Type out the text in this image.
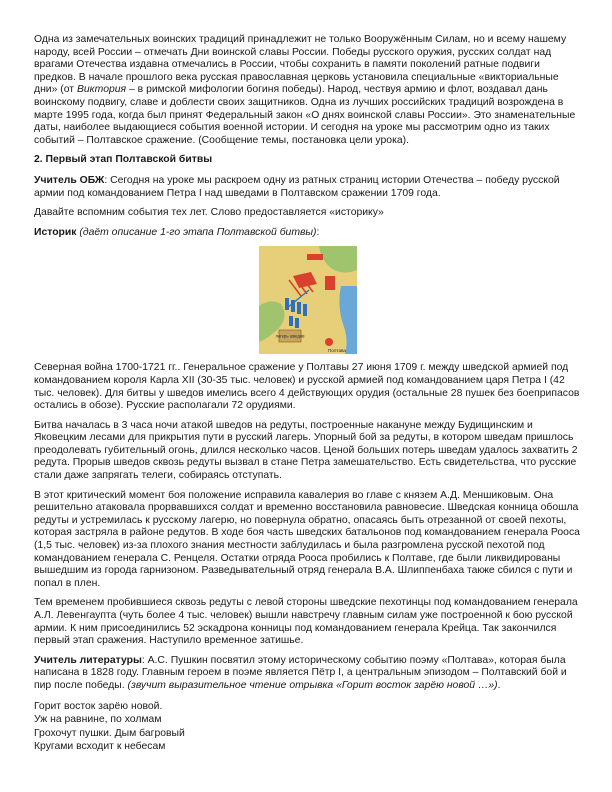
Одна из замечательных воинских традиций принадлежит не только Вооружённым Силам, но и всему нашему народу, всей России – отмечать Дни воинской славы России. Победы русского оружия, русских солдат над врагами Отечества издавна отмечались в России, чтобы сохранить в памяти поколений ратные подвиги предков. В начале прошлого века русская православная церковь установила специальные «викториальные дни» (от Виктория – в римской мифологии богиня победы). Народ, чествуя армию и флот, воздавал дань воинскому подвигу, славе и доблести своих защитников. Одна из лучших российских традиций возрождена в марте 1995 года, когда был принят Федеральный закон «О днях воинской славы России». Это знаменательные даты, наиболее выдающиеся события военной истории. И сегодня на уроке мы рассмотрим одно из таких событий – Полтавское сражение. (Сообщение темы, постановка цели урока).

2. Первый этап Полтавской битвы

Учитель ОБЖ: Сегодня на уроке мы раскроем одну из ратных страниц истории Отечества – победу русской армии под командованием Петра I над шведами в Полтавском сражении 1709 года.

Давайте вспомним события тех лет. Слово предоставляется «историку»

Историк (даёт описание 1-го этапа Полтавской битвы):

лагерь шведов
Полтава

Северная война 1700-1721 гг.. Генеральное сражение у Полтавы 27 июня 1709 г. между шведской армией под командованием короля Карла XII (30-35 тыс. человек) и русской армией под командованием царя Петра I (42 тыс. человек). Для битвы у шведов имелись всего 4 действующих орудия (остальные 28 пушек без боеприпасов остались в обозе). Русские располагали 72 орудиями.

Битва началась в 3 часа ночи атакой шведов на редуты, построенные накануне между Будищинским и Яковецким лесами для прикрытия пути в русский лагерь. Упорный бой за редуты, в котором шведам пришлось преодолевать губительный огонь, длился несколько часов. Ценой больших потерь шведам удалось захватить 2 редута. Прорыв шведов сквозь редуты вызвал в стане Петра замешательство. Есть свидетельства, что русские стали даже запрягать телеги, собираясь отступать.

В этот критический момент боя положение исправила кавалерия во главе с князем А.Д. Меншиковым. Она решительно атаковала прорвавшихся солдат и временно восстановила равновесие. Шведская конница обошла редуты и устремилась к русскому лагерю, но повернула обратно, опасаясь быть отрезанной от своей пехоты, которая застряла в районе редутов. В ходе боя часть шведских батальонов под командованием генерала Рооса (1,5 тыс. человек) из-за плохого знания местности заблудилась и была разгромлена русской пехотой под командованием генерала С. Ренцеля. Остатки отряда Рооса пробились к Полтаве, где были ликвидированы вышедшим из города гарнизоном. Разведывательный отряд генерала В.А. Шлиппенбаха также сбился с пути и попал в плен.

Тем временем пробившиеся сквозь редуты с левой стороны шведские пехотинцы под командованием генерала А.Л. Левенгаупта (чуть более 4 тыс. человек) вышли навстречу главным силам уже построенной к бою русской армии. К ним присоединились 52 эскадрона конницы под командованием генерала Крейца. Так закончился первый этап сражения. Наступило временное затишье.

Учитель литературы: А.С. Пушкин посвятил этому историческому событию поэму «Полтава», которая была написана в 1828 году. Главным героем в поэме является Пётр I, а центральным эпизодом – Полтавский бой и пир после победы. (звучит выразительное чтение отрывка «Горит восток зарёю новой …»).

Горит восток зарёю новой.

Уж на равнине, по холмам

Грохочут пушки. Дым багровый

Кругами всходит к небесам
